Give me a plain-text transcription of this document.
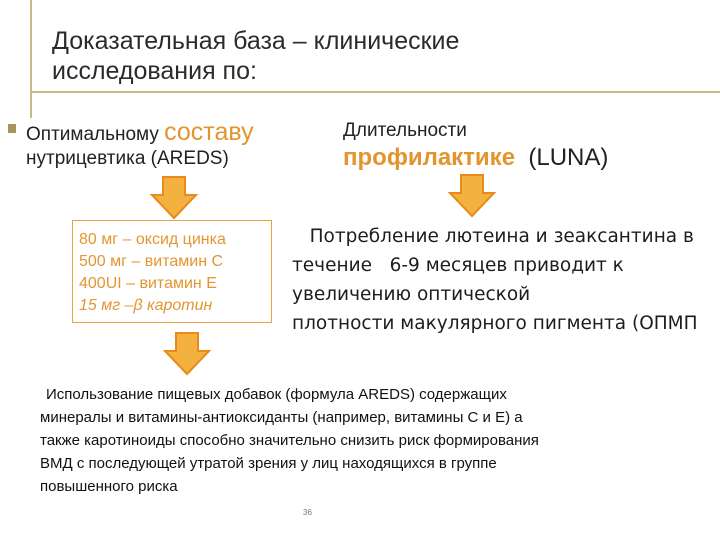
Доказательная база – клинические
исследования по:
Оптимальному составу
нутрицевтика (AREDS)
Длительности
профилактике  (LUNA)
80 мг – оксид цинка
500 мг – витамин С
400UI – витамин Е
15 мг –β каротин
Потребление лютеина и зеаксантина в
течение   6-9 месяцев приводит к
увеличению оптической
плотности макулярного пигмента (ОПМП
Использование пищевых добавок (формула AREDS) содержащих
минералы и витамины-антиоксиданты (например, витамины С и Е) а
также каротиноиды способно значительно снизить риск формирования
ВМД с последующей утратой зрения у лиц находящихся в группе
повышенного риска
36
